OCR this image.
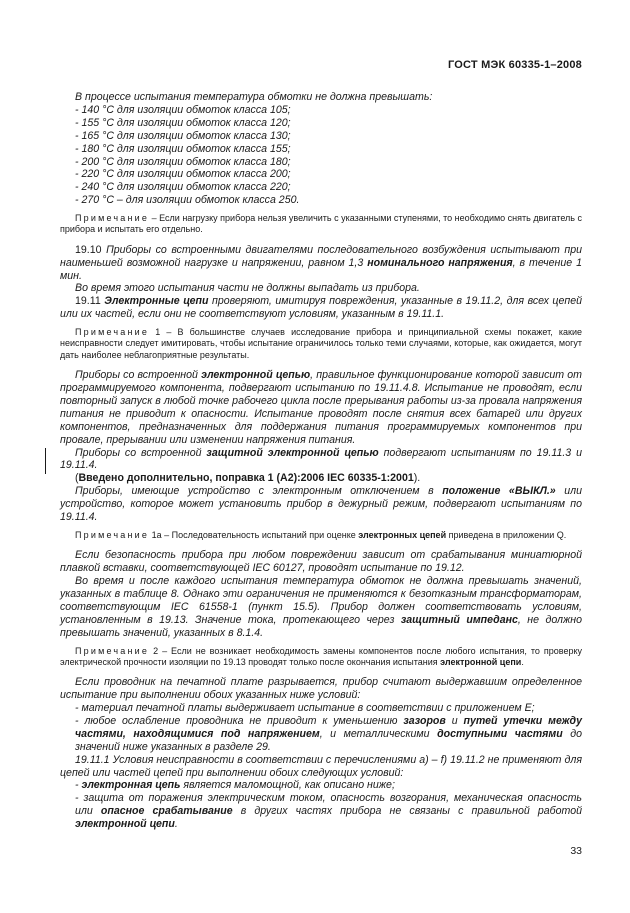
ГОСТ МЭК 60335-1–2008

В процессе испытания температура обмотки не должна превышать:

- 140 °С для изоляции обмоток класса 105;

- 155 °С для изоляции обмоток класса 120;

- 165 °С для изоляции обмоток класса 130;

- 180 °С для изоляции обмоток класса 155;

- 200 °С для изоляции обмоток класса 180;

- 220 °С для изоляции обмоток класса 200;

- 240 °С для изоляции обмоток класса 220;

- 270 °С – для изоляции обмоток класса 250.

Примечание – Если нагрузку прибора нельзя увеличить с указанными ступенями, то необходимо снять двигатель с прибора и испытать его отдельно.

19.10 Приборы со встроенными двигателями последовательного возбуждения испытывают при наименьшей возможной нагрузке и напряжении, равном 1,3 номинального напряжения, в течение 1 мин.

Во время этого испытания части не должны выпадать из прибора.

19.11 Электронные цепи проверяют, имитируя повреждения, указанные в 19.11.2, для всех цепей или их частей, если они не соответствуют условиям, указанным в 19.11.1.

Примечание 1 – В большинстве случаев исследование прибора и принципиальной схемы покажет, какие неисправности следует имитировать, чтобы испытание ограничилось только теми случаями, которые, как ожидается, могут дать наиболее неблагоприятные результаты.

Приборы со встроенной электронной цепью, правильное функционирование которой зависит от программируемого компонента, подвергают испытанию по 19.11.4.8. Испытание не проводят, если повторный запуск в любой точке рабочего цикла после прерывания работы из-за провала напряжения питания не приводит к опасности. Испытание проводят после снятия всех батарей или других компонентов, предназначенных для поддержания питания программируемых компонентов при провале, прерывании или изменении напряжения питания.

Приборы со встроенной защитной электронной цепью подвергают испытаниям по 19.11.3 и 19.11.4.

(Введено дополнительно, поправка 1 (А2):2006 IEC 60335-1:2001).

Приборы, имеющие устройство с электронным отключением в положение «ВЫКЛ.» или устройство, которое может установить прибор в дежурный режим, подвергают испытаниям по 19.11.4.

Примечание 1а – Последовательность испытаний при оценке электронных цепей приведена в приложении Q.

Если безопасность прибора при любом повреждении зависит от срабатывания миниатюрной плавкой вставки, соответствующей IEC 60127, проводят испытание по 19.12.

Во время и после каждого испытания температура обмоток не должна превышать значений, указанных в таблице 8. Однако эти ограничения не применяются к безотказным трансформаторам, соответствующим IEC 61558-1 (пункт 15.5). Прибор должен соответствовать условиям, установленным в 19.13. Значение тока, протекающего через защитный импеданс, не должно превышать значений, указанных в 8.1.4.

Примечание 2 – Если не возникает необходимость замены компонентов после любого испытания, то проверку электрической прочности изоляции по 19.13 проводят только после окончания испытания электронной цепи.

Если проводник на печатной плате разрывается, прибор считают выдержавшим определенное испытание при выполнении обоих указанных ниже условий:

- материал печатной платы выдерживает испытание в соответствии с приложением Е;

- любое ослабление проводника не приводит к уменьшению зазоров и путей утечки между частями, находящимися под напряжением, и металлическими доступными частями до значений ниже указанных в разделе 29.

19.11.1 Условия неисправности в соответствии с перечислениями а) – f) 19.11.2 не применяют для цепей или частей цепей при выполнении обоих следующих условий:

- электронная цепь является маломощной, как описано ниже;

- защита от поражения электрическим током, опасность возгорания, механическая опасность или опасное срабатывание в других частях прибора не связаны с правильной работой электронной цепи.

33
